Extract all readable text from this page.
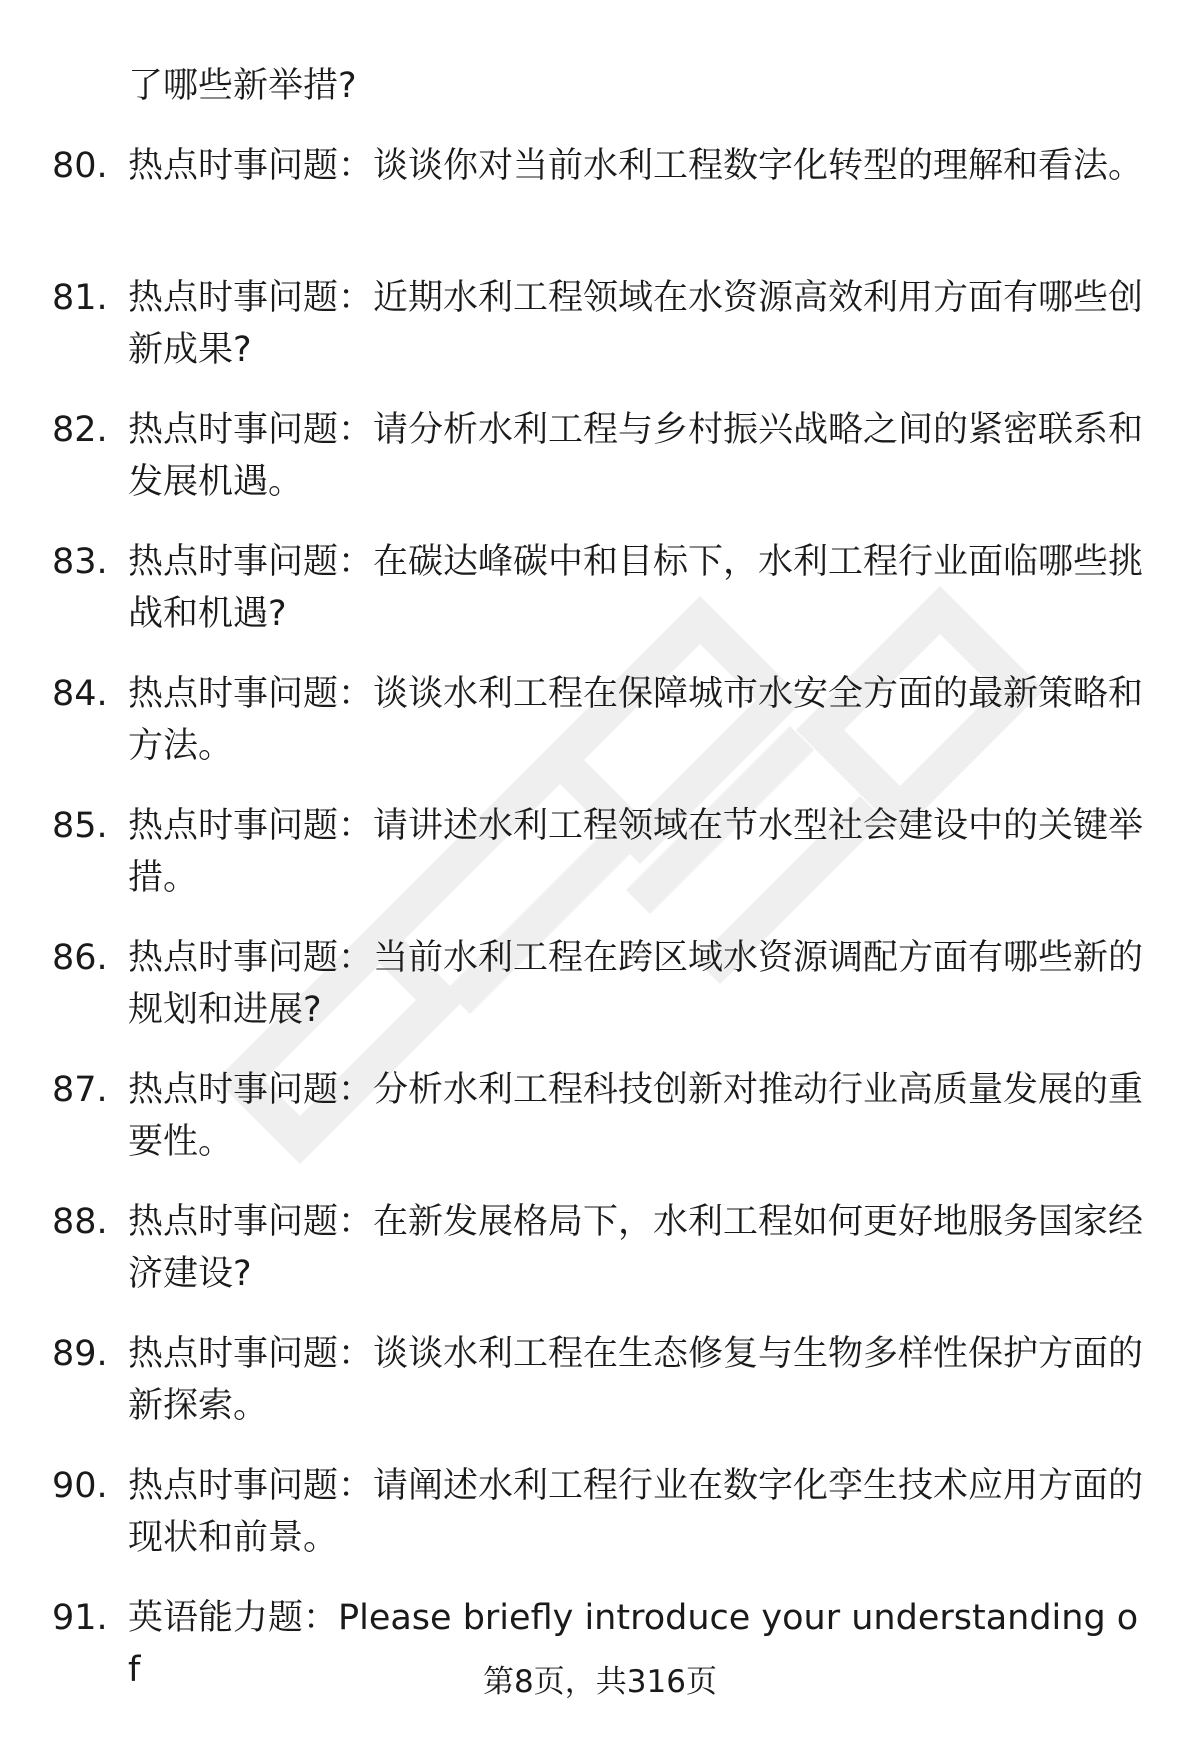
了哪些新举措?
80. 热点时事问题：谈谈你对当前水利工程数字化转型的理解和看法。
81. 热点时事问题：近期水利工程领域在水资源高效利用方面有哪些创新成果?
82. 热点时事问题：请分析水利工程与乡村振兴战略之间的紧密联系和发展机遇。
83. 热点时事问题：在碳达峰碳中和目标下，水利工程行业面临哪些挑战和机遇?
84. 热点时事问题：谈谈水利工程在保障城市水安全方面的最新策略和方法。
85. 热点时事问题：请讲述水利工程领域在节水型社会建设中的关键举措。
86. 热点时事问题：当前水利工程在跨区域水资源调配方面有哪些新的规划和进展?
87. 热点时事问题：分析水利工程科技创新对推动行业高质量发展的重要性。
88. 热点时事问题：在新发展格局下，水利工程如何更好地服务国家经济建设?
89. 热点时事问题：谈谈水利工程在生态修复与生物多样性保护方面的新探索。
90. 热点时事问题：请阐述水利工程行业在数字化孪生技术应用方面的现状和前景。
91. 英语能力题：Please briefly introduce your understanding of	第8页，共316页
